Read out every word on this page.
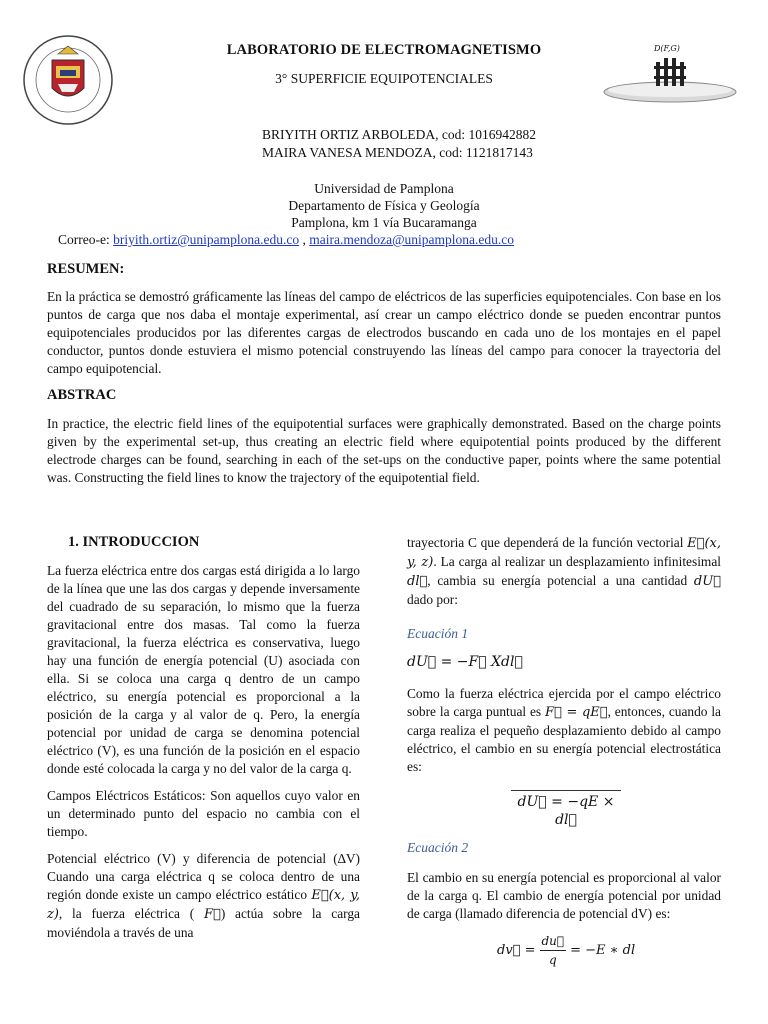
D(F,G)
LABORATORIO DE ELECTROMAGNETISMO
3° SUPERFICIE EQUIPOTENCIALES
BRIYITH ORTIZ ARBOLEDA, cod: 1016942882
MAIRA VANESA MENDOZA, cod: 1121817143
Universidad de Pamplona
Departamento de Física y Geología
Pamplona, km 1 vía Bucaramanga
Correo-e: briyith.ortiz@unipamplona.edu.co , maira.mendoza@unipamplona.edu.co
RESUMEN:
En la práctica se demostró gráficamente las líneas del campo de eléctricos de las superficies equipotenciales. Con base en los puntos de carga que nos daba el montaje experimental, así crear un campo eléctrico donde se pueden encontrar puntos equipotenciales producidos por las diferentes cargas de electrodos buscando en cada uno de los montajes en el papel conductor, puntos donde estuviera el mismo potencial construyendo las líneas del campo para conocer la trayectoria del campo equipotencial.
ABSTRAC
In practice, the electric field lines of the equipotential surfaces were graphically demonstrated. Based on the charge points given by the experimental set-up, thus creating an electric field where equipotential points produced by the different electrode charges can be found, searching in each of the set-ups on the conductive paper, points where the same potential was. Constructing the field lines to know the trajectory of the equipotential field.
1. INTRODUCCION

La fuerza eléctrica entre dos cargas está dirigida a lo largo de la línea que une las dos cargas y depende inversamente del cuadrado de su separación, lo mismo que la fuerza gravitacional entre dos masas. Tal como la fuerza gravitacional, la fuerza eléctrica es conservativa, luego hay una función de energía potencial (U) asociada con ella. Si se coloca una carga q dentro de un campo eléctrico, su energía potencial es proporcional a la posición de la carga y al valor de q. Pero, la energía potencial por unidad de carga se denomina potencial eléctrico (V), es una función de la posición en el espacio donde esté colocada la carga y no del valor de la carga q.

Campos Eléctricos Estáticos: Son aquellos cuyo valor en un determinado punto del espacio no cambia con el tiempo.

Potencial eléctrico (V) y diferencia de potencial (∆V) Cuando una carga eléctrica q se coloca dentro de una región donde existe un campo eléctrico estático E⃗(x, y, z), la fuerza eléctrica ( F⃗) actúa sobre la carga moviéndola a través de una

trayectoria C que dependerá de la función vectorial E⃗(x, y, z). La carga al realizar un desplazamiento infinitesimal dl⃗, cambia su energía potencial a una cantidad dU⃗ dado por:

Ecuación 1
dU⃗ = −F⃗ Xdl⃗

Como la fuerza eléctrica ejercida por el campo eléctrico sobre la carga puntual es F⃗ = qE⃗, entonces, cuando la carga realiza el pequeño desplazamiento debido al campo eléctrico, el cambio en su energía potencial electrostática es:

dU⃗ = −qE × dl⃗
Ecuación 2

El cambio en su energía potencial es proporcional al valor de la carga q. El cambio de energía potencial por unidad de carga (llamado diferencia de potencial dV) es:

dv⃗ = $\frac{du⃗}{q} = -E$ ∗ dl
